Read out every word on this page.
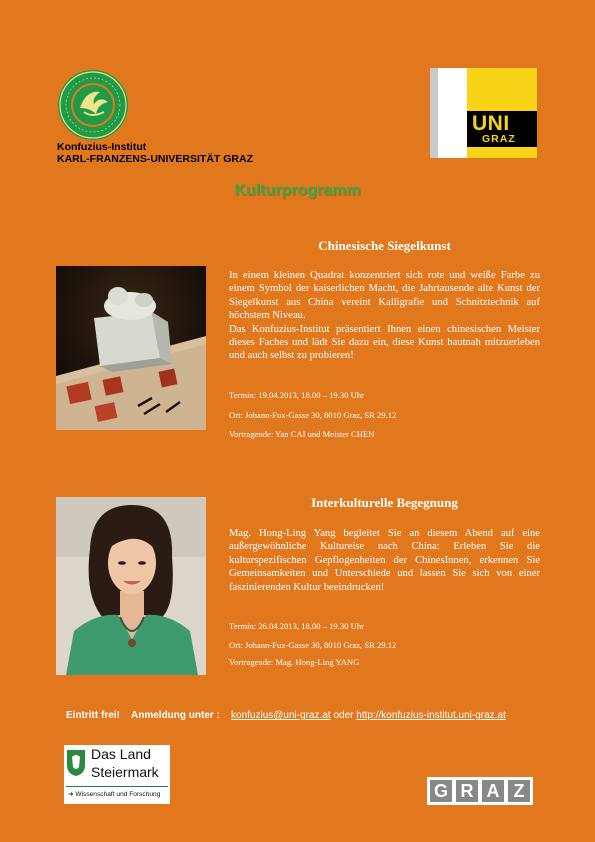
Konfuzius-Institut
KARL-FRANZENS-UNIVERSITÄT GRAZ
UNI
GRAZ
Kulturprogramm
Chinesische Siegelkunst
In einem kleinen Quadrat konzentriert sich rote und weiße Farbe zu einem Symbol der kaiserlichen Macht, die Jahrtausende alte Kunst der Siegelkunst aus China vereint Kalligrafie und Schnitztechnik auf höchstem Niveau.
Das Konfuzius-Institut präsentiert Ihnen einen chinesischen Meister dieses Faches und lädt Sie dazu ein, diese Kunst hautnah mitzuerleben und auch selbst zu probieren!
Termin: 19.04.2013, 18.00 – 19.30 Uhr
Ort: Johann-Fux-Gasse 30, 8010 Graz, SR 29.12
Vortragende: Yan CAI und Meister CHEN
Interkulturelle Begegnung
Mag. Hong-Ling Yang begleitet Sie an diesem Abend auf eine außergewöhnliche Kultureise nach China: Erleben Sie die kulturspezifischen Gepflogenheiten der ChinesInnen, erkennen Sie Gemeinsamkeiten und Unterschiede und lassen Sie sich von einer faszinierenden Kultur beeindrucken!
Termin: 26.04.2013, 18.00 – 19.30 Uhr
Ort: Johann-Fux-Gasse 30, 8010 Graz, SR 29.12
Vortragende: Mag. Hong-Ling YANG
Eintritt frei! Anmeldung unter : konfuzius@uni-graz.at oder http://konfuzius-institut.uni-graz.at
Das Land
Steiermark
➔ Wissenschaft und Forschung	G R A Z
